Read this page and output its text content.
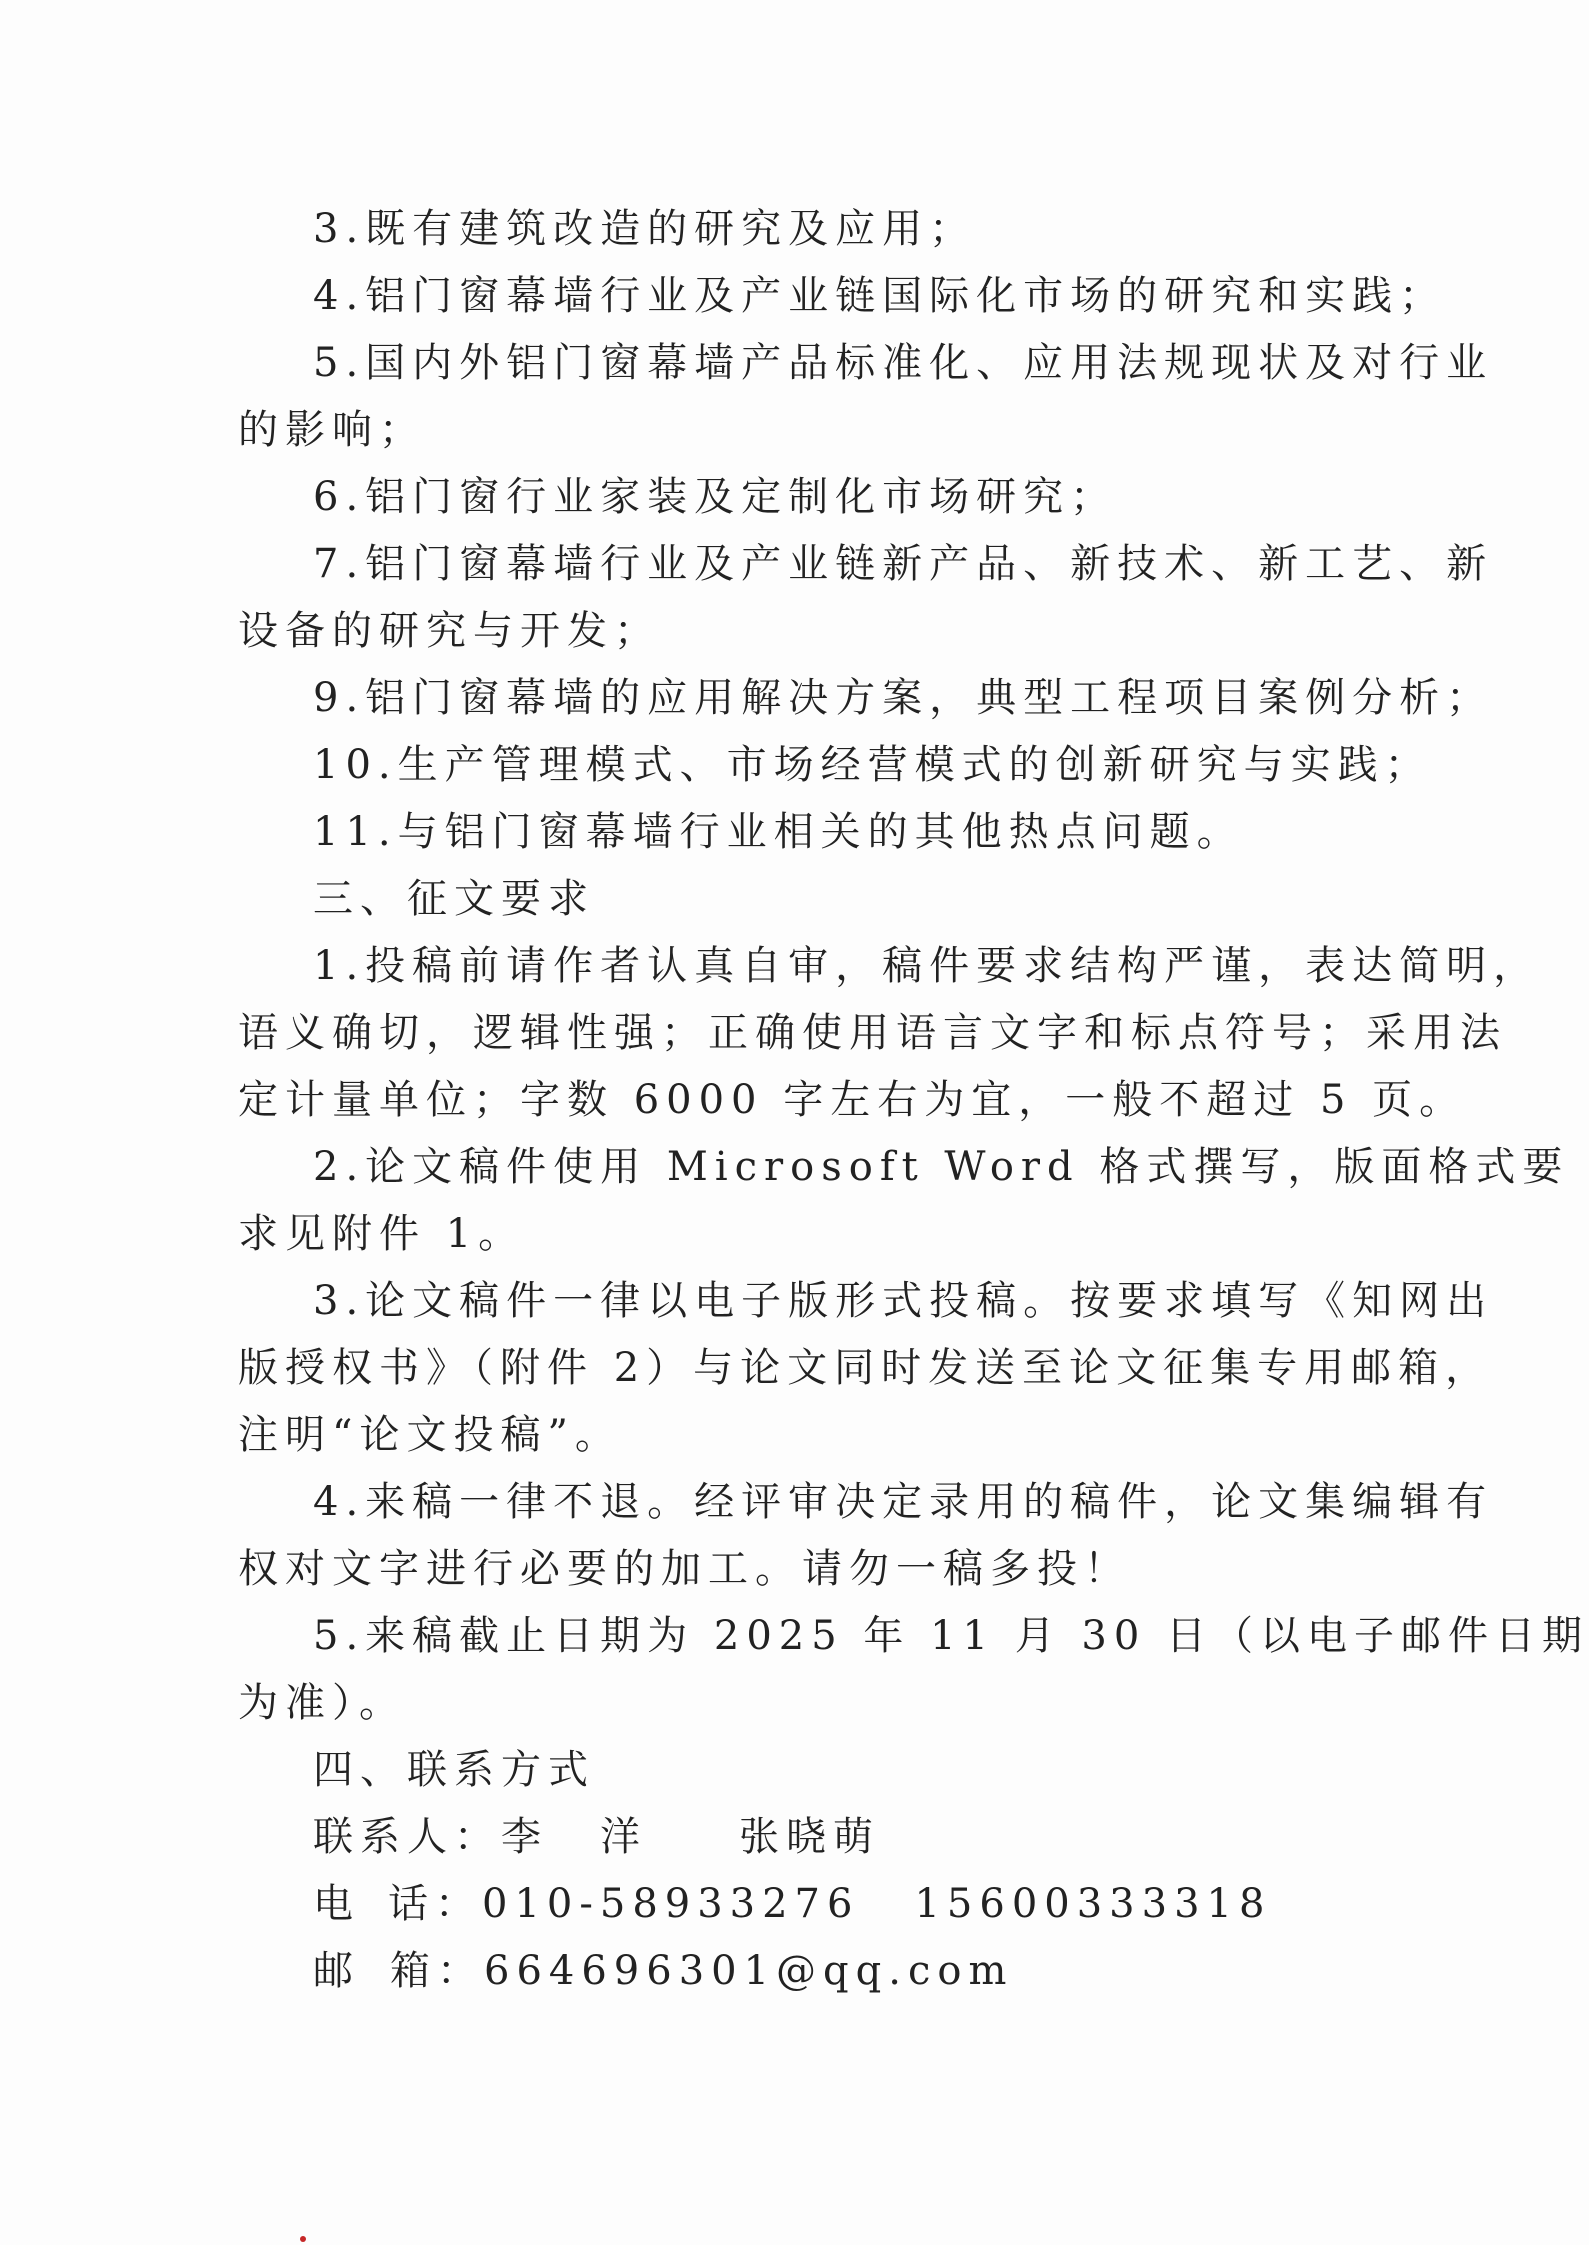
3.既有建筑改造的研究及应用；
4.铝门窗幕墙行业及产业链国际化市场的研究和实践；
5.国内外铝门窗幕墙产品标准化、应用法规现状及对行业
的影响；
6.铝门窗行业家装及定制化市场研究；
7.铝门窗幕墙行业及产业链新产品、新技术、新工艺、新
设备的研究与开发；
9.铝门窗幕墙的应用解决方案，典型工程项目案例分析；
10.生产管理模式、市场经营模式的创新研究与实践；
11.与铝门窗幕墙行业相关的其他热点问题。
三、征文要求
1.投稿前请作者认真自审，稿件要求结构严谨，表达简明，
语义确切，逻辑性强；正确使用语言文字和标点符号；采用法
定计量单位；字数 6000 字左右为宜，一般不超过 5 页。
2.论文稿件使用 Microsoft Word 格式撰写，版面格式要
求见附件 1。
3.论文稿件一律以电子版形式投稿。按要求填写《知网出
版授权书》（附件 2）与论文同时发送至论文征集专用邮箱，
注明“论文投稿”。
4.来稿一律不退。经评审决定录用的稿件，论文集编辑有
权对文字进行必要的加工。请勿一稿多投！
5.来稿截止日期为 2025 年 11 月 30 日（以电子邮件日期
为准）。
四、联系方式
联系人：李 洋 张晓萌
电 话：010-58933276 15600333318
邮 箱：664696301@qq.com
